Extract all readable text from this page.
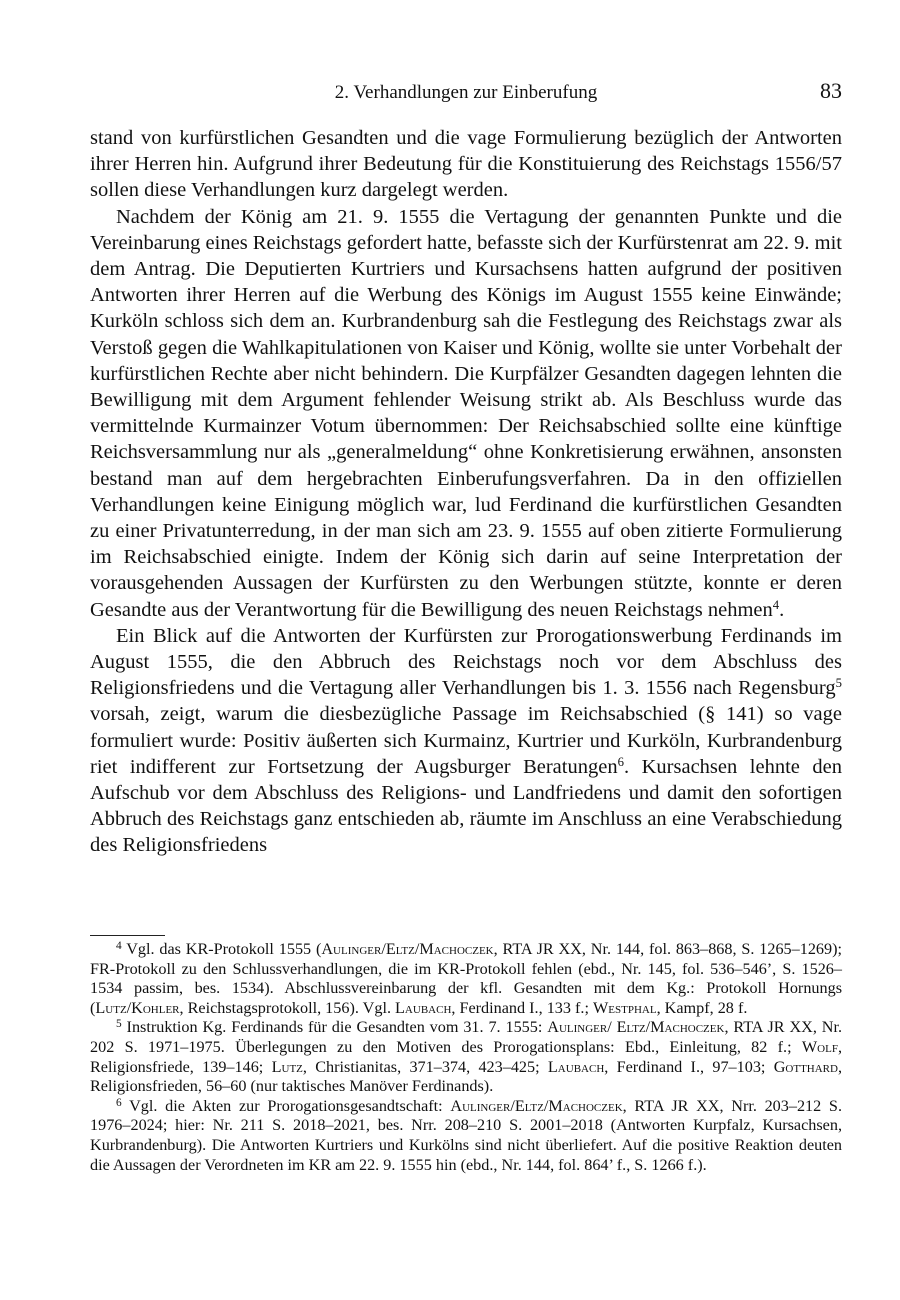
2. Verhandlungen zur Einberufung	83

stand von kurfürstlichen Gesandten und die vage Formulierung bezüglich der Antworten ihrer Herren hin. Aufgrund ihrer Bedeutung für die Konstituierung des Reichstags 1556/57 sollen diese Verhandlungen kurz dargelegt werden.

Nachdem der König am 21. 9. 1555 die Vertagung der genannten Punkte und die Vereinbarung eines Reichstags gefordert hatte, befasste sich der Kurfürstenrat am 22. 9. mit dem Antrag. Die Deputierten Kurtriers und Kursachsens hatten aufgrund der positiven Antworten ihrer Herren auf die Werbung des Königs im August 1555 keine Einwände; Kurköln schloss sich dem an. Kurbrandenburg sah die Festlegung des Reichstags zwar als Verstoß gegen die Wahlkapitulationen von Kaiser und König, wollte sie unter Vorbehalt der kurfürstlichen Rechte aber nicht behindern. Die Kurpfälzer Gesandten dagegen lehnten die Bewilligung mit dem Argument fehlender Weisung strikt ab. Als Beschluss wurde das vermittelnde Kurmainzer Votum übernommen: Der Reichsabschied sollte eine künftige Reichsversammlung nur als „generalmeldung“ ohne Konkretisierung erwähnen, ansonsten bestand man auf dem hergebrachten Einberufungsverfahren. Da in den offiziellen Verhandlungen keine Einigung möglich war, lud Ferdinand die kurfürstlichen Gesandten zu einer Privatunterredung, in der man sich am 23. 9. 1555 auf oben zitierte Formulierung im Reichsabschied einigte. Indem der König sich darin auf seine Interpretation der vorausgehenden Aussagen der Kurfürsten zu den Werbungen stützte, konnte er deren Gesandte aus der Verantwortung für die Bewilligung des neuen Reichstags nehmen$^4$.

Ein Blick auf die Antworten der Kurfürsten zur Prorogationswerbung Ferdinands im August 1555, die den Abbruch des Reichstags noch vor dem Abschluss des Religionsfriedens und die Vertagung aller Verhandlungen bis 1. 3. 1556 nach Regensburg$^5$ vorsah, zeigt, warum die diesbezügliche Passage im Reichsabschied (§ 141) so vage formuliert wurde: Positiv äußerten sich Kurmainz, Kurtrier und Kurköln, Kurbrandenburg riet indifferent zur Fortsetzung der Augsburger Beratungen$^6$. Kursachsen lehnte den Aufschub vor dem Abschluss des Religions- und Landfriedens und damit den sofortigen Abbruch des Reichstags ganz entschieden ab, räumte im Anschluss an eine Verabschiedung des Religionsfriedens

$^4$ Vgl. das KR-Protokoll 1555 (Aulinger/Eltz/Machoczek, RTA JR XX, Nr. 144, fol. 863–868, S. 1265–1269); FR-Protokoll zu den Schlussverhandlungen, die im KR-Protokoll fehlen (ebd., Nr. 145, fol. 536–546’, S. 1526–1534 passim, bes. 1534). Abschlussvereinbarung der kfl. Gesandten mit dem Kg.: Protokoll Hornungs (Lutz/Kohler, Reichstagsprotokoll, 156). Vgl. Laubach, Ferdinand I., 133 f.; Westphal, Kampf, 28 f.

$^5$ Instruktion Kg. Ferdinands für die Gesandten vom 31. 7. 1555: Aulinger/ Eltz/Machoczek, RTA JR XX, Nr. 202 S. 1971–1975. Überlegungen zu den Motiven des Prorogationsplans: Ebd., Einleitung, 82 f.; Wolf, Religionsfriede, 139–146; Lutz, Christianitas, 371–374, 423–425; Laubach, Ferdinand I., 97–103; Gotthard, Religionsfrieden, 56–60 (nur taktisches Manöver Ferdinands).

$^6$ Vgl. die Akten zur Prorogationsgesandtschaft: Aulinger/Eltz/Machoczek, RTA JR XX, Nrr. 203–212 S. 1976–2024; hier: Nr. 211 S. 2018–2021, bes. Nrr. 208–210 S. 2001–2018 (Antworten Kurpfalz, Kursachsen, Kurbrandenburg). Die Antworten Kurtriers und Kurkölns sind nicht überliefert. Auf die positive Reaktion deuten die Aussagen der Verordneten im KR am 22. 9. 1555 hin (ebd., Nr. 144, fol. 864’ f., S. 1266 f.).
